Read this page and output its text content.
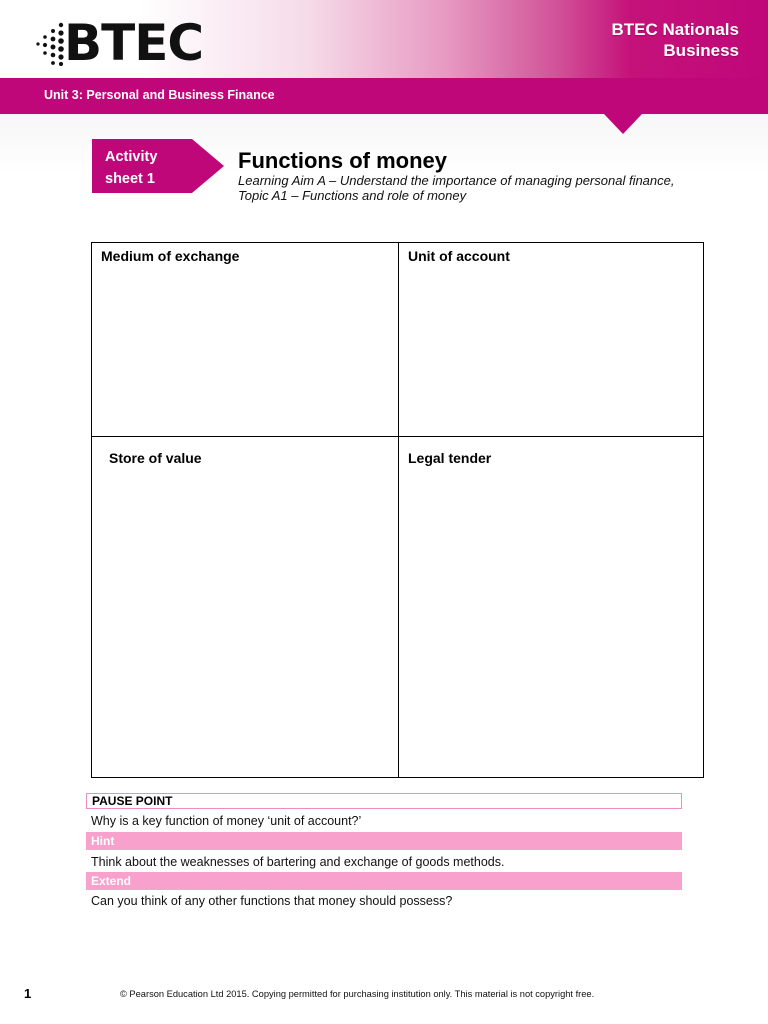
BTEC	BTEC Nationals
Business
Unit 3: Personal and Business Finance
Activity
sheet 1
Functions of money
Learning Aim A – Understand the importance of managing personal finance, Topic A1 – Functions and role of money
Medium of exchange	Unit of account
Store of value	Legal tender
PAUSE POINT
Why is a key function of money ‘unit of account?’
Hint
Think about the weaknesses of bartering and exchange of goods methods.
Extend
Can you think of any other functions that money should possess?
1	© Pearson Education Ltd 2015. Copying permitted for purchasing institution only. This material is not copyright free.
